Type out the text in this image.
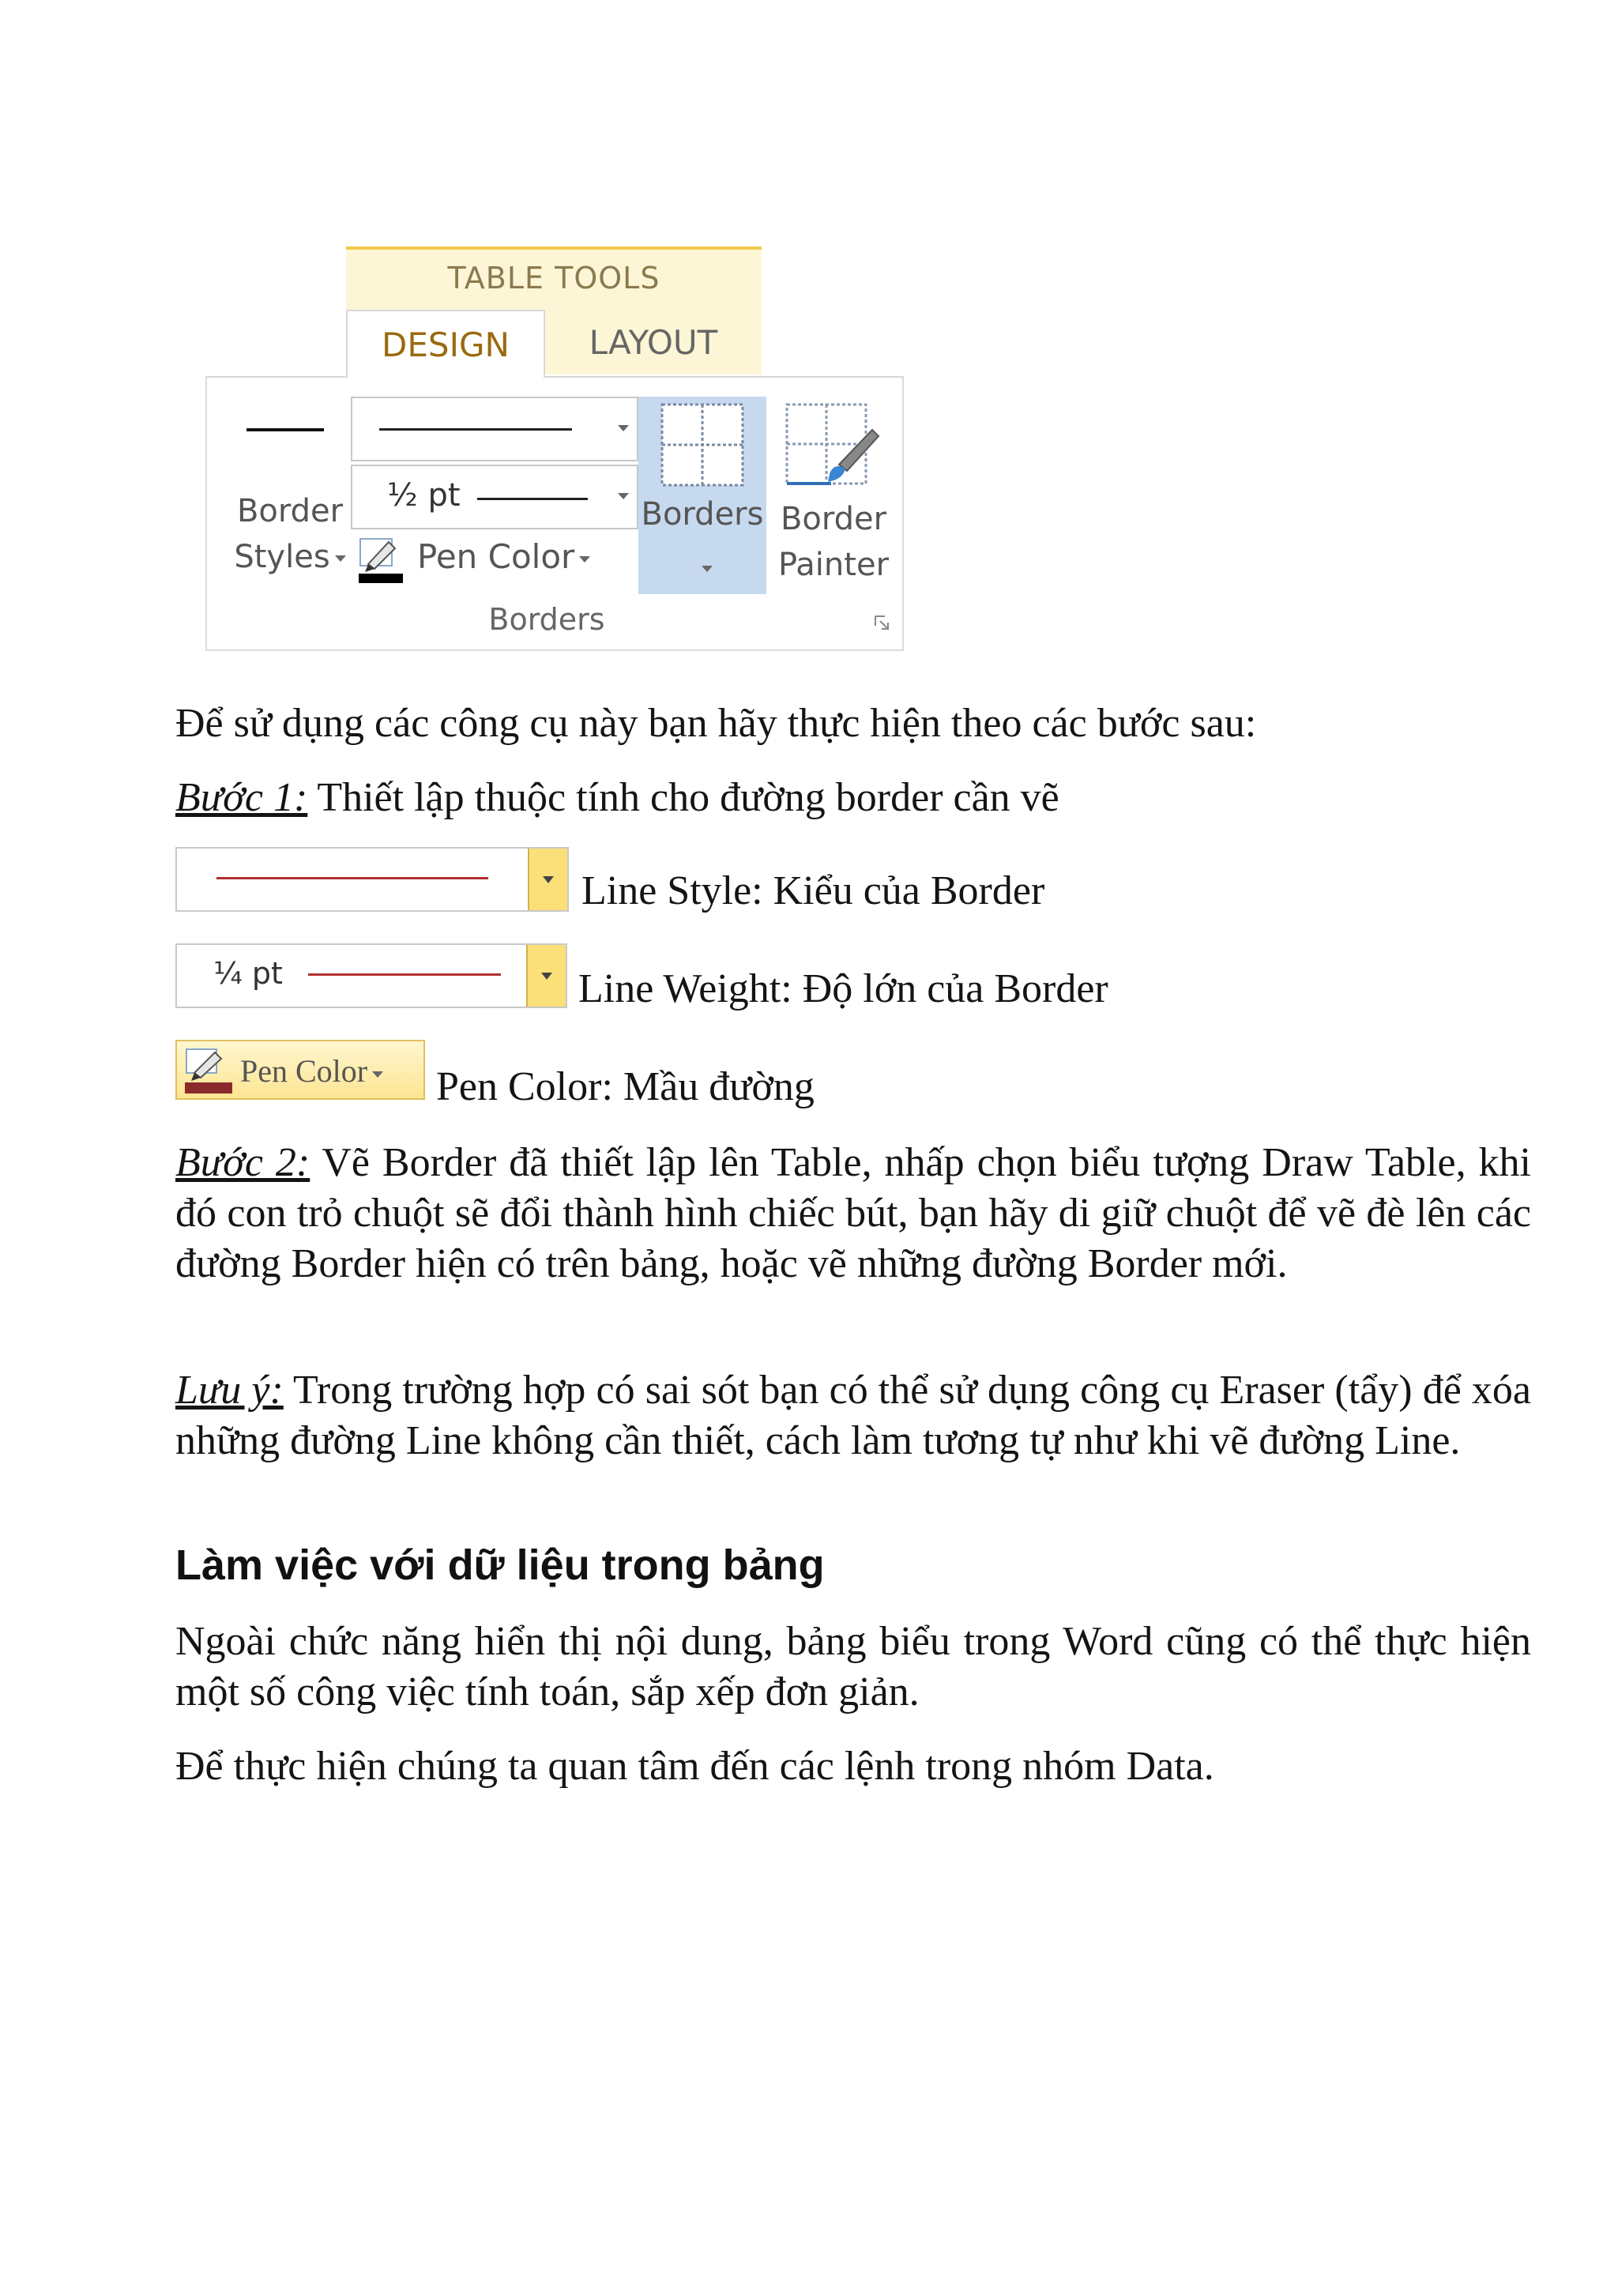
TABLE TOOLS
DESIGN	LAYOUT
Border
Styles
½ pt
Pen Color
Borders Border
Painter
Borders

Để sử dụng các công cụ này bạn hãy thực hiện theo các bước sau:

Bước 1: Thiết lập thuộc tính cho đường border cần vẽ

Line Style: Kiểu của Border
¼ pt	Line Weight: Độ lớn của Border
Pen Color	Pen Color: Mầu đường

Bước 2: Vẽ Border đã thiết lập lên Table, nhấp chọn biểu tượng Draw Table, khi đó con trỏ chuột sẽ đổi thành hình chiếc bút, bạn hãy di giữ chuột để vẽ đè lên các đường Border hiện có trên bảng, hoặc vẽ những đường Border mới.

Lưu ý: Trong trường hợp có sai sót bạn có thể sử dụng công cụ Eraser (tẩy) để xóa những đường Line không cần thiết, cách làm tương tự như khi vẽ đường Line.

Làm việc với dữ liệu trong bảng

Ngoài chức năng hiển thị nội dung, bảng biểu trong Word cũng có thể thực hiện một số công việc tính toán, sắp xếp đơn giản.

Để thực hiện chúng ta quan tâm đến các lệnh trong nhóm Data.
